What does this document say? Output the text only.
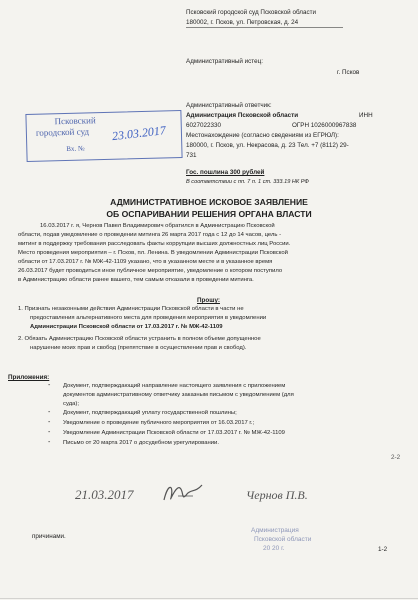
Псковский городской суд Псковской области
180002, г. Псков, ул. Петровская, д. 24
Административный истец:
г. Псков
Псковский
городской суд 23.03.2017
Вх. №
Административный ответчик:
Администрация Псковской области	ИНН
6027022330	ОГРН 1026000967838
Местонахождение (согласно сведениям из ЕГРЮЛ):
180000, г. Псков, ул. Некрасова, д. 23 Тел. +7 (8112) 29-
731
Гос. пошлина 300 рублей
В соответствии с пп. 7 п. 1 ст. 333.19 НК РФ
АДМИНИСТРАТИВНОЕ ИСКОВОЕ ЗАЯВЛЕНИЕ
ОБ ОСПАРИВАНИИ РЕШЕНИЯ ОРГАНА ВЛАСТИ
16.03.2017 г. я, Чернов Павел Владимирович обратился в Администрацию Псковской
области, подав уведомление о проведении митинга 26 марта 2017 года с 12 до 14 часов, цель -
митинг в поддержку требования расследовать факты коррупции высших должностных лиц России.
Место проведения мероприятия – г. Псков, пл. Ленина. В уведомлении Администрации Псковской
области от 17.03.2017 г. № МЖ-42-1109 указано, что в указанном месте и в указанное время
26.03.2017 будет проводиться иное публичное мероприятие, уведомление о котором поступило
в Администрацию области ранее вашего, тем самым отказали в проведении митинга.
Прошу:
1. Признать незаконными действия Администрации Псковской области в части не
предоставления альтернативного места для проведения мероприятия в уведомлении
Администрации Псковской области от 17.03.2017 г. № МЖ-42-1109
2. Обязать Администрацию Псковской области устранить в полном объеме допущенное
нарушение моих прав и свобод (препятствие в осуществлении прав и свобод).
Приложения:
- Документ, подтверждающий направление настоящего заявления с приложением
документов административному ответчику заказным письмом с уведомлением (для
суда);
- Документ, подтверждающий уплату государственной пошлины;
- Уведомление о проведение публичного мероприятия от 16.03.2017 г.;
- Уведомление Администрации Псковской области от 17.03.2017 г. № МЖ-42-1109
- Письмо от 20 марта 2017 о досудебном урегулировании.
2-2
21.03.2017	Чернов П.В.
причинами.
Администрация
Псковской области
20 20 г.	1-2
